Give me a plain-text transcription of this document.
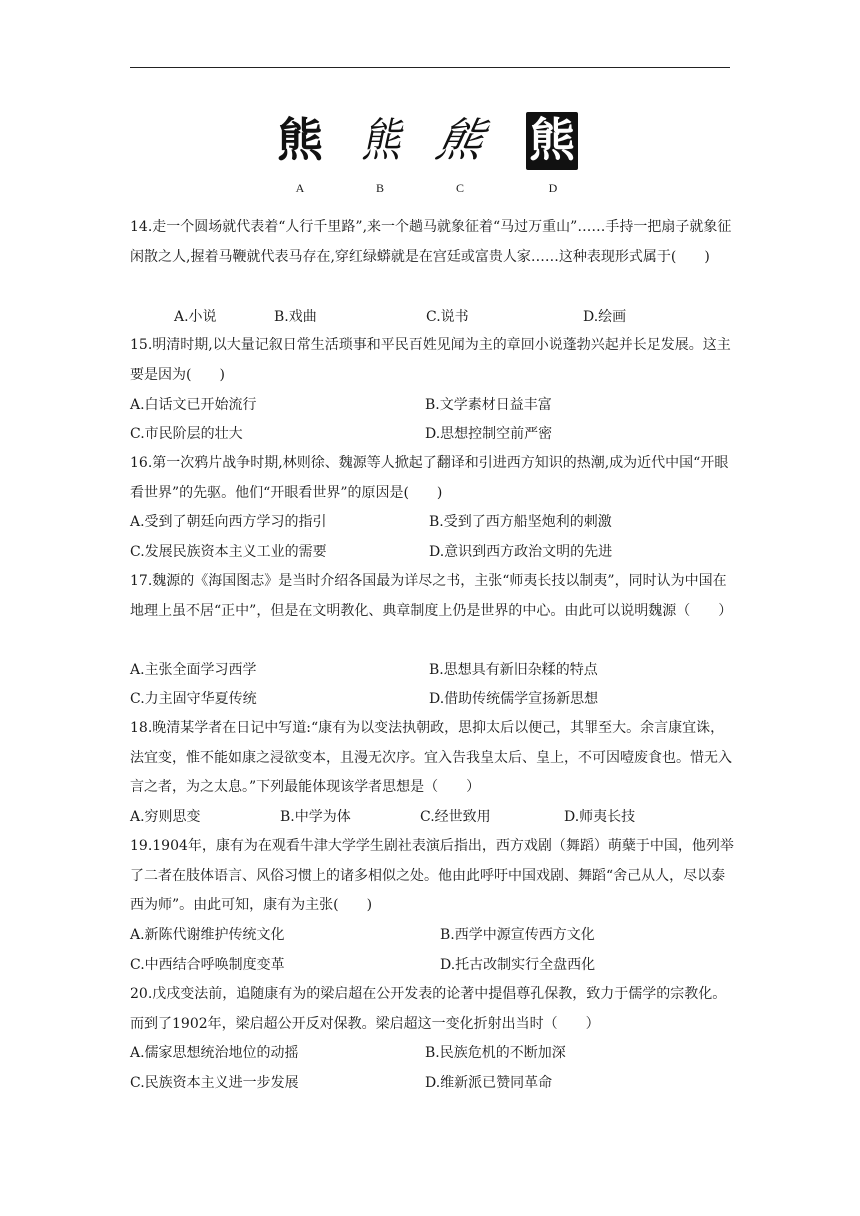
熊
A
熊
B
熊
C
熊
D
14.走一个圆场就代表着“人行千里路”,来一个趟马就象征着“马过万重山”……手持一把扇子就象征闲散之人,握着马鞭就代表马存在,穿红绿蟒就是在宫廷或富贵人家……这种表现形式属于(　　)
A.小说	B.戏曲	C.说书	D.绘画
15.明清时期,以大量记叙日常生活琐事和平民百姓见闻为主的章回小说蓬勃兴起并长足发展。这主要是因为(　　)
A.白话文已开始流行	B.文学素材日益丰富
C.市民阶层的壮大	D.思想控制空前严密
16.第一次鸦片战争时期,林则徐、魏源等人掀起了翻译和引进西方知识的热潮,成为近代中国“开眼看世界”的先驱。他们“开眼看世界”的原因是(　　)
A.受到了朝廷向西方学习的指引	B.受到了西方船坚炮利的刺激
C.发展民族资本主义工业的需要	D.意识到西方政治文明的先进
17.魏源的《海国图志》是当时介绍各国最为详尽之书，主张“师夷长技以制夷”，同时认为中国在地理上虽不居“正中”，但是在文明教化、典章制度上仍是世界的中心。由此可以说明魏源（　　）
A.主张全面学习西学	B.思想具有新旧杂糅的特点
C.力主固守华夏传统	D.借助传统儒学宣扬新思想
18.晚清某学者在日记中写道:“康有为以变法执朝政，思抑太后以便己，其罪至大。余言康宜诛，法宜变，惟不能如康之浸欲变本，且漫无次序。宜入告我皇太后、皇上，不可因噎废食也。惜无入言之者，为之太息。”下列最能体现该学者思想是（　　）
A.穷则思变	B.中学为体	C.经世致用	D.师夷长技
19.1904年，康有为在观看牛津大学学生剧社表演后指出，西方戏剧（舞蹈）萌蘖于中国，他列举了二者在肢体语言、风俗习惯上的诸多相似之处。他由此呼吁中国戏剧、舞蹈“舍己从人，尽以泰西为师”。由此可知，康有为主张(　　)
A.新陈代谢维护传统文化	B.西学中源宣传西方文化
C.中西结合呼唤制度变革	D.托古改制实行全盘西化
20.戊戌变法前，追随康有为的梁启超在公开发表的论著中提倡尊孔保教，致力于儒学的宗教化。而到了1902年，梁启超公开反对保教。梁启超这一变化折射出当时（　　）
A.儒家思想统治地位的动摇	B.民族危机的不断加深
C.民族资本主义进一步发展	D.维新派已赞同革命
